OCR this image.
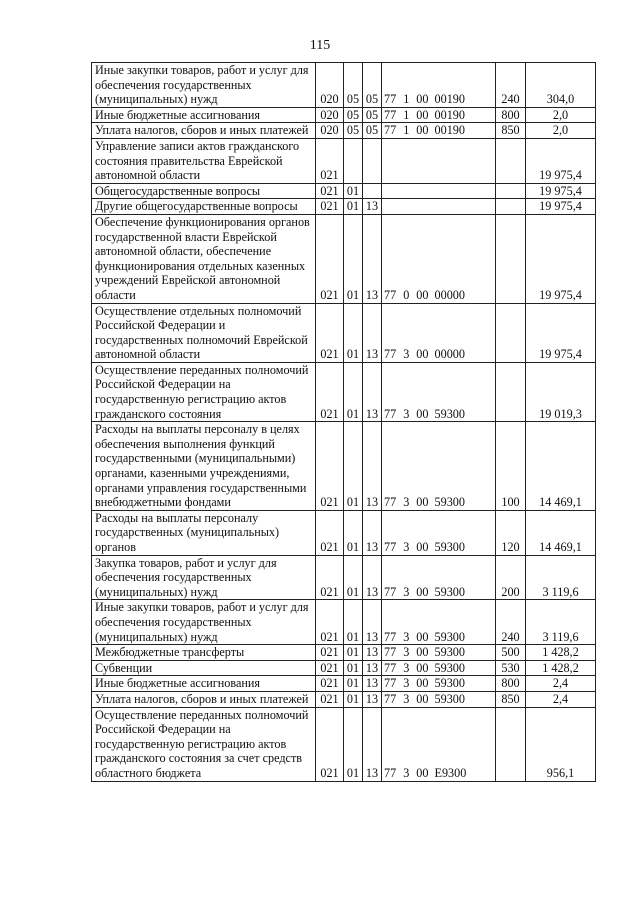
115
Иные закупки товаров, работ и услуг для обеспечения государственных (муниципальных) нужд	020	05	05	77 1 00 00190	240	304,0
Иные бюджетные ассигнования	020	05	05	77 1 00 00190	800	2,0
Уплата налогов, сборов и иных платежей	020	05	05	77 1 00 00190	850	2,0
Управление записи актов гражданского состояния правительства Еврейской автономной области	021					19 975,4
Общегосударственные вопросы	021	01				19 975,4
Другие общегосударственные вопросы	021	01	13			19 975,4
Обеспечение функционирования органов государственной власти Еврейской автономной области, обеспечение функционирования отдельных казенных учреждений Еврейской автономной области	021	01	13	77 0 00 00000		19 975,4
Осуществление отдельных полномочий Российской Федерации и государственных полномочий Еврейской автономной области	021	01	13	77 3 00 00000		19 975,4
Осуществление переданных полномочий Российской Федерации на государственную регистрацию актов гражданского состояния	021	01	13	77 3 00 59300		19 019,3
Расходы на выплаты персоналу в целях обеспечения выполнения функций государственными (муниципальными) органами, казенными учреждениями, органами управления государственными внебюджетными фондами	021	01	13	77 3 00 59300	100	14 469,1
Расходы на выплаты персоналу государственных (муниципальных) органов	021	01	13	77 3 00 59300	120	14 469,1
Закупка товаров, работ и услуг для обеспечения государственных (муниципальных) нужд	021	01	13	77 3 00 59300	200	3 119,6
Иные закупки товаров, работ и услуг для обеспечения государственных (муниципальных) нужд	021	01	13	77 3 00 59300	240	3 119,6
Межбюджетные трансферты	021	01	13	77 3 00 59300	500	1 428,2
Субвенции	021	01	13	77 3 00 59300	530	1 428,2
Иные бюджетные ассигнования	021	01	13	77 3 00 59300	800	2,4
Уплата налогов, сборов и иных платежей	021	01	13	77 3 00 59300	850	2,4
Осуществление переданных полномочий Российской Федерации на государственную регистрацию актов гражданского состояния за счет средств областного бюджета	021	01	13	77 3 00 Е9300		956,1
